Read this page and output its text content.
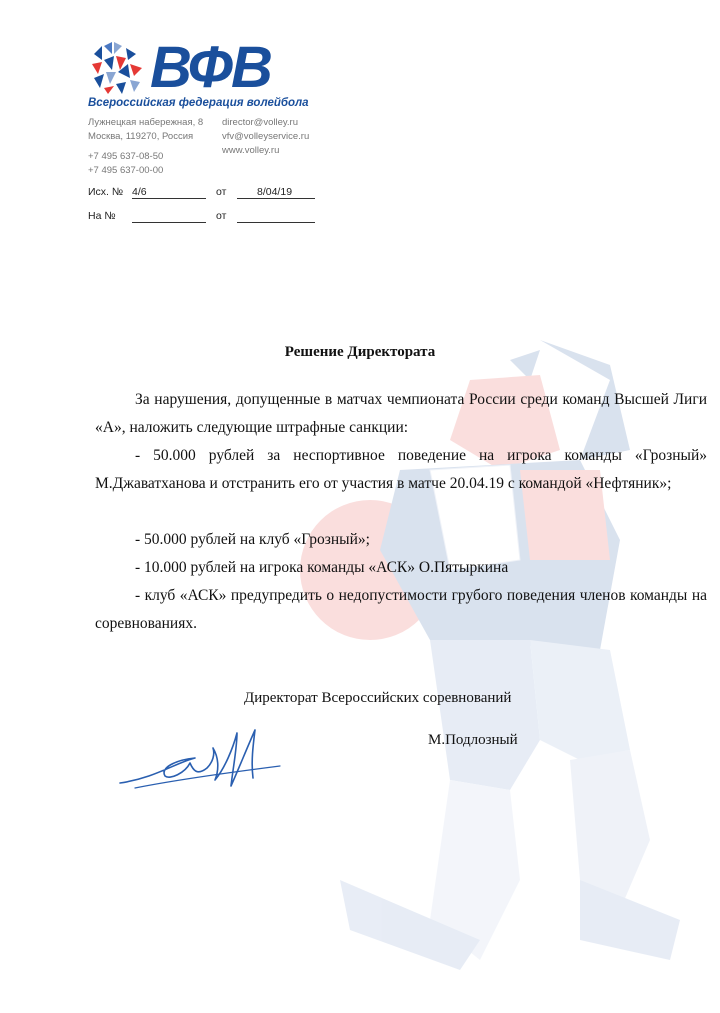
ВФВ
Всероссийская федерация волейбола
Лужнецкая набережная, 8
Москва, 119270, Россия
+7 495 637-08-50
+7 495 637-00-00
director@volley.ru
vfv@volleyservice.ru
www.volley.ru
Исх. № 4/6	от	8/04/19
На №	от
Решение Директората
За нарушения, допущенные в матчах чемпионата России среди команд Высшей Лиги «А», наложить следующие штрафные санкции:
- 50.000 рублей за неспортивное поведение на игрока команды «Грозный» М.Джаватханова и отстранить его от участия в матче 20.04.19 с командой «Нефтяник»;
- 50.000 рублей на клуб «Грозный»;
- 10.000 рублей на игрока команды «АСК» О.Пятыркина
- клуб «АСК» предупредить о недопустимости грубого поведения членов команды на соревнованиях.
Директорат Всероссийских соревнований
М.Подлозный
